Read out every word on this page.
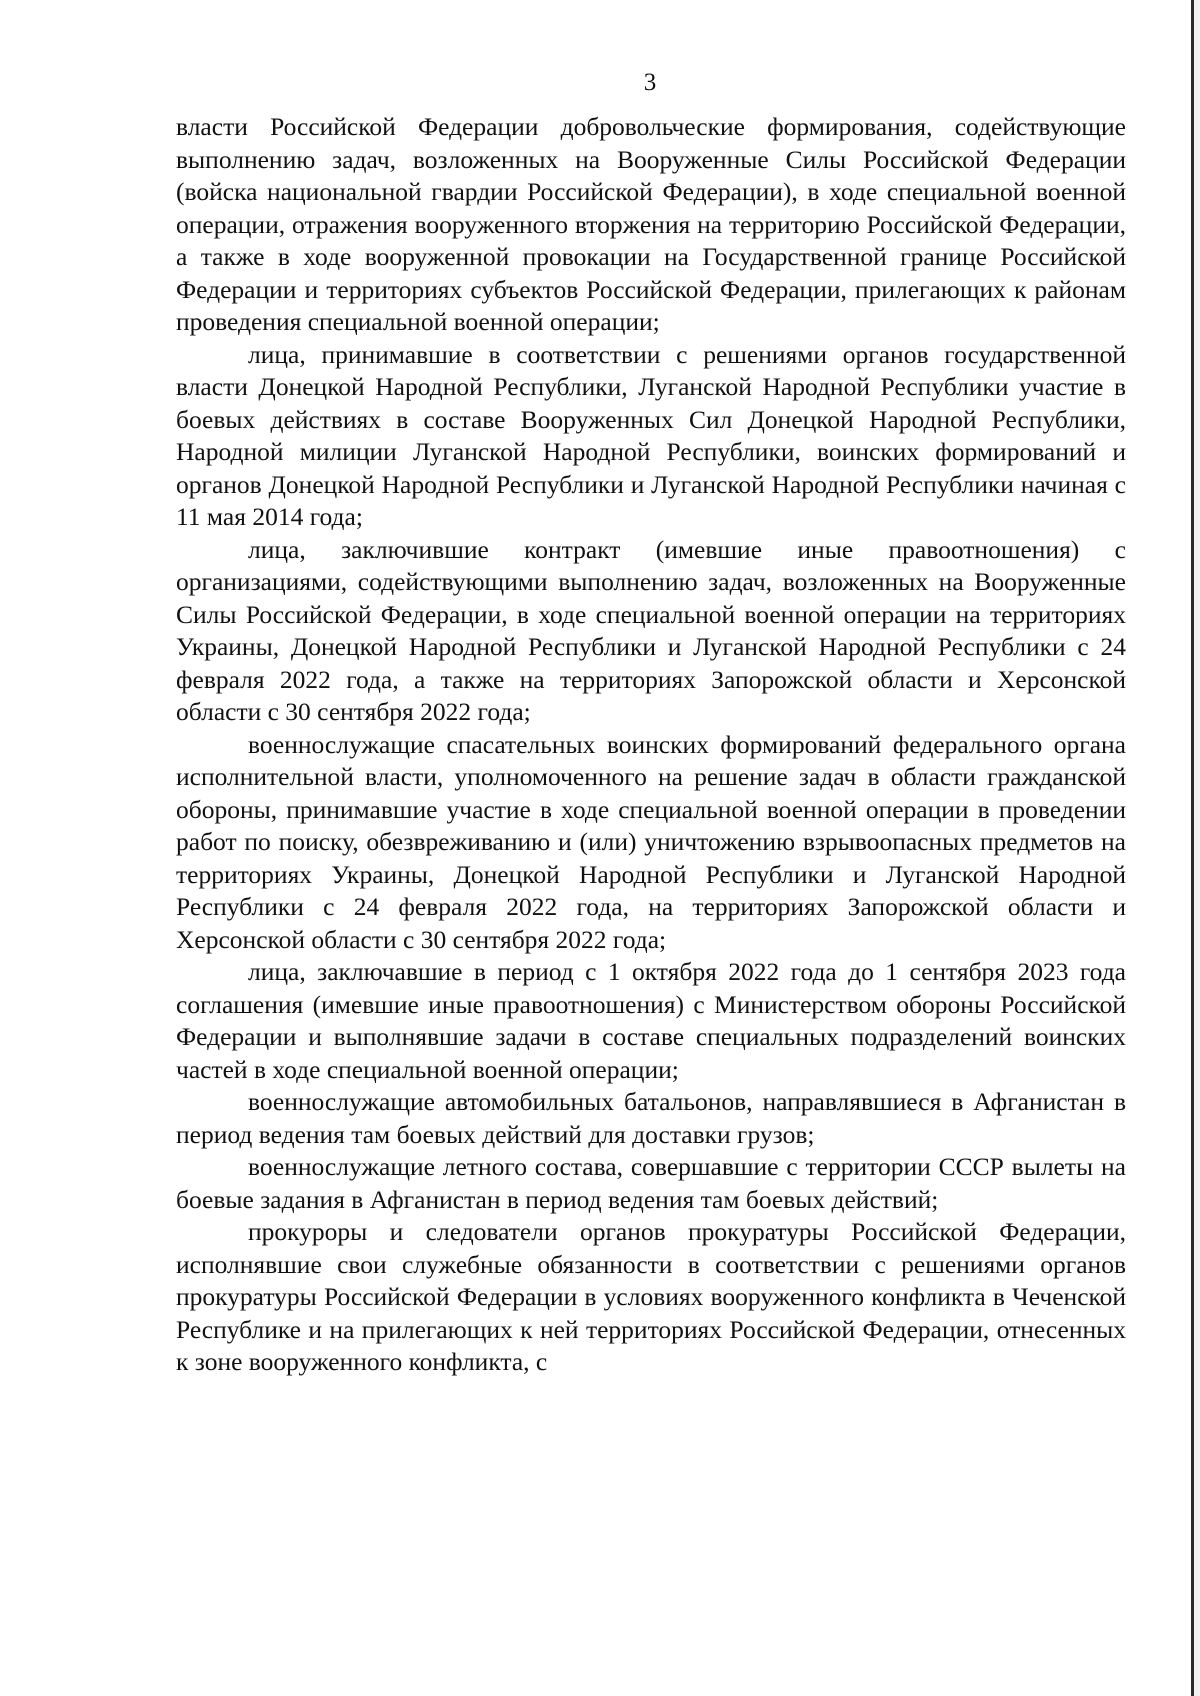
3

власти Российской Федерации добровольческие формирования, содействующие выполнению задач, возложенных на Вооруженные Силы Российской Федерации (войска национальной гвардии Российской Федерации), в ходе специальной военной операции, отражения вооруженного вторжения на территорию Российской Федерации, а также в ходе вооруженной провокации на Государственной границе Российской Федерации и территориях субъектов Российской Федерации, прилегающих к районам проведения специальной военной операции;

лица, принимавшие в соответствии с решениями органов государственной власти Донецкой Народной Республики, Луганской Народной Республики участие в боевых действиях в составе Вооруженных Сил Донецкой Народной Республики, Народной милиции Луганской Народной Республики, воинских формирований и органов Донецкой Народной Республики и Луганской Народной Республики начиная с 11 мая 2014 года;

лица, заключившие контракт (имевшие иные правоотношения) с организациями, содействующими выполнению задач, возложенных на Вооруженные Силы Российской Федерации, в ходе специальной военной операции на территориях Украины, Донецкой Народной Республики и Луганской Народной Республики с 24 февраля 2022 года, а также на территориях Запорожской области и Херсонской области с 30 сентября 2022 года;

военнослужащие спасательных воинских формирований федерального органа исполнительной власти, уполномоченного на решение задач в области гражданской обороны, принимавшие участие в ходе специальной военной операции в проведении работ по поиску, обезвреживанию и (или) уничтожению взрывоопасных предметов на территориях Украины, Донецкой Народной Республики и Луганской Народной Республики с 24 февраля 2022 года, на территориях Запорожской области и Херсонской области с 30 сентября 2022 года;

лица, заключавшие в период с 1 октября 2022 года до 1 сентября 2023 года соглашения (имевшие иные правоотношения) с Министерством обороны Российской Федерации и выполнявшие задачи в составе специальных подразделений воинских частей в ходе специальной военной операции;

военнослужащие автомобильных батальонов, направлявшиеся в Афганистан в период ведения там боевых действий для доставки грузов;

военнослужащие летного состава, совершавшие с территории СССР вылеты на боевые задания в Афганистан в период ведения там боевых действий;

прокуроры и следователи органов прокуратуры Российской Федерации, исполнявшие свои служебные обязанности в соответствии с решениями органов прокуратуры Российской Федерации в условиях вооруженного конфликта в Чеченской Республике и на прилегающих к ней территориях Российской Федерации, отнесенных к зоне вооруженного конфликта, с
